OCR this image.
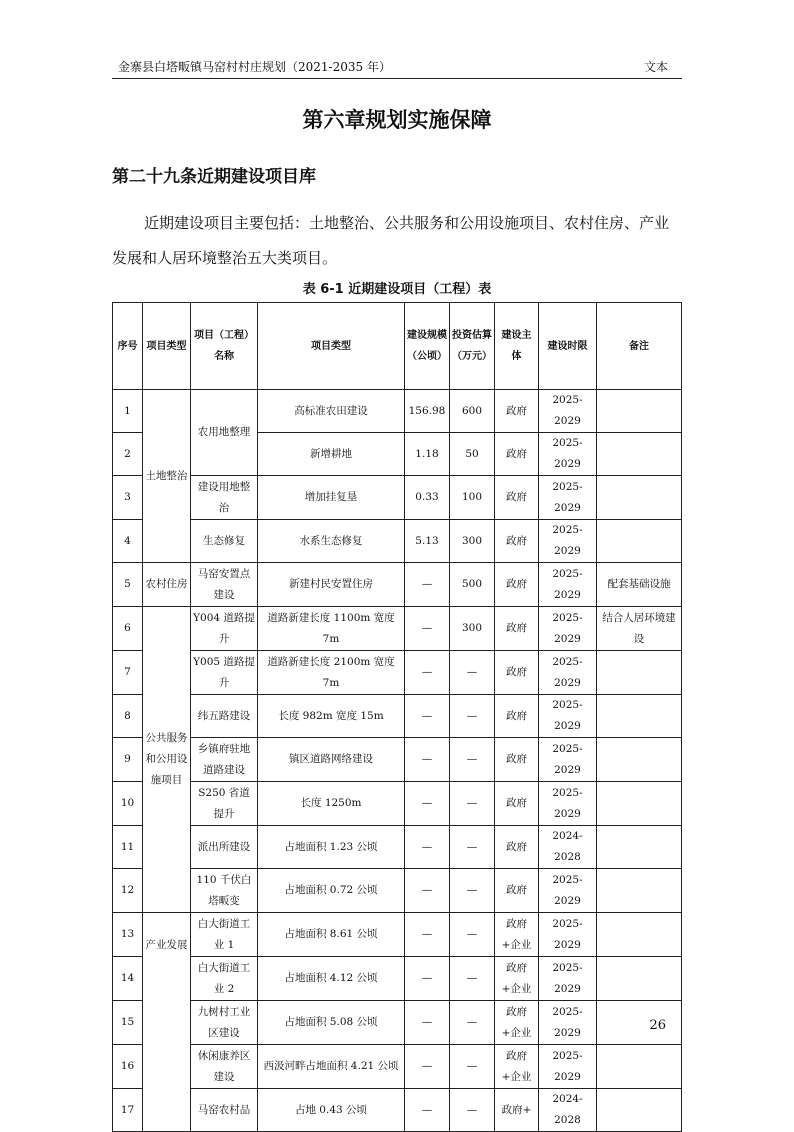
金寨县白塔畈镇马窑村村庄规划（2021-2035 年）	文本
第六章规划实施保障
第二十九条近期建设项目库
近期建设项目主要包括：土地整治、公共服务和公用设施项目、农村住房、产业发展和人居环境整治五大类项目。
表 6-1 近期建设项目（工程）表
序号	项目类型	项目（工程）名称	项目类型	建设规模（公顷）	投资估算（万元）	建设主体	建设时限	备注
1	土地整治	农用地整理	高标准农田建设	156.98	600	政府	2025-2029	
2			新增耕地	1.18	50	政府	2025-2029	
3		建设用地整治	增加挂复垦	0.33	100	政府	2025-2029	
4		生态修复	水系生态修复	5.13	300	政府	2025-2029	
5	农村住房	马窑安置点建设	新建村民安置住房	—	500	政府	2025-2029	配套基础设施
6	公共服务和公用设施项目	Y004 道路提升	道路新建长度 1100m 宽度 7m	—	300	政府	2025-2029	结合人居环境建设
7		Y005 道路提升	道路新建长度 2100m 宽度 7m	—	—	政府	2025-2029	
8		纬五路建设	长度 982m 宽度 15m	—	—	政府	2025-2029	
9		乡镇府驻地道路建设	镇区道路网络建设	—	—	政府	2025-2029	
10		S250 省道提升	长度 1250m	—	—	政府	2025-2029	
11		派出所建设	占地面积 1.23 公顷	—	—	政府	2024-2028	
12		110 千伏白塔畈变	占地面积 0.72 公顷	—	—	政府	2025-2029	
13	产业发展	白大街道工业 1	占地面积 8.61 公顷	—	—	政府+企业	2025-2029	
14		白大街道工业 2	占地面积 4.12 公顷	—	—	政府+企业	2025-2029	
15		九树村工业区建设	占地面积 5.08 公顷	—	—	政府+企业	2025-2029	
16		休闲康养区建设	西汲河畔占地面积 4.21 公顷	—	—	政府+企业	2025-2029	
17		马窑农村品	占地 0.43 公顷	—	—	政府+	2024-2028	
26
